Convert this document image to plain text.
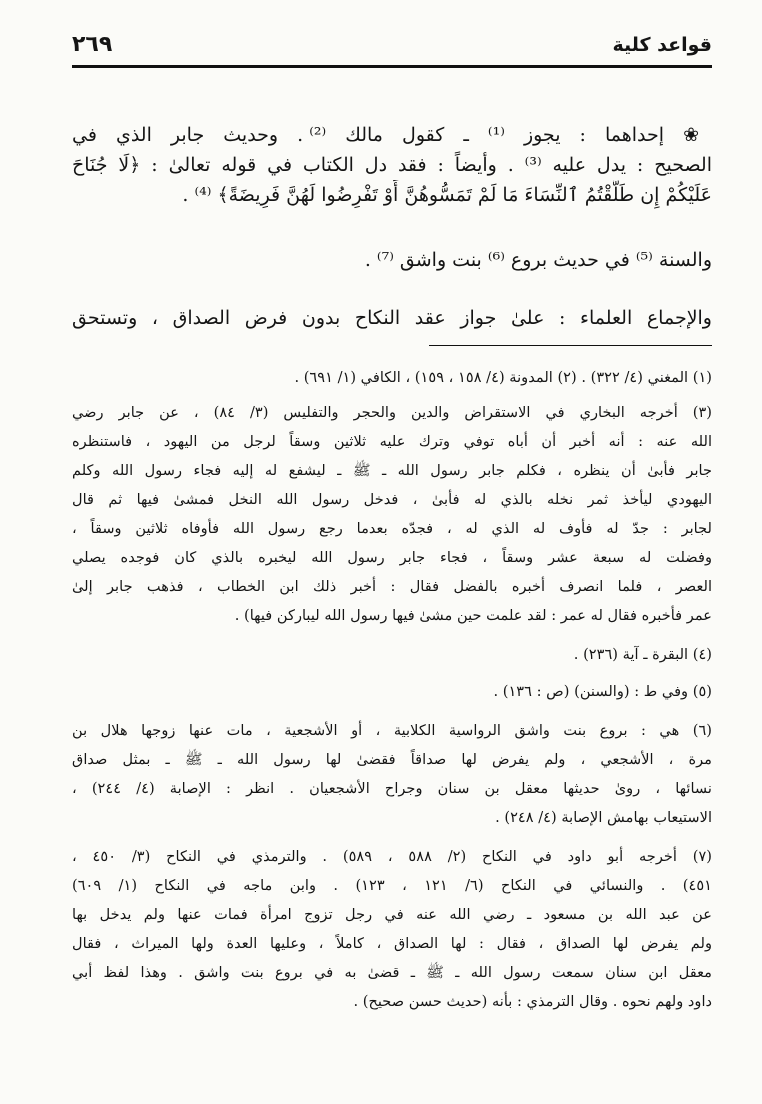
قواعد كلية
٢٦٩
❀ إحداهما : يجوز ⁽¹⁾ ـ كقول مالك ⁽²⁾ . وحديث جابر الذي في
الصحيح : يدل عليه ⁽³⁾ . وأيضاً : فقد دل الكتاب في قوله تعالىٰ : ﴿لَا جُنَاحَ
عَلَيْكُمْ إِن طَلَّقْتُمُ ٱلنِّسَاءَ مَا لَمْ تَمَسُّوهُنَّ أَوْ تَفْرِضُوا لَهُنَّ فَرِيضَةً﴾ ⁽⁴⁾ .
والسنة ⁽⁵⁾ في حديث بروع ⁽⁶⁾ بنت واشق ⁽⁷⁾ .
والإجماع العلماء : علىٰ جواز عقد النكاح بدون فرض الصداق ، وتستحق
(١) المغني (٤/ ٣٢٢) . (٢) المدونة (٤/ ١٥٨ ، ١٥٩) ، الكافي (١/ ٦٩١) .
(٣) أخرجه البخاري في الاستقراض والدين والحجر والتفليس (٣/ ٨٤) ، عن جابر رضي
الله عنه : أنه أخبر أن أباه توفي وترك عليه ثلاثين وسقاً لرجل من اليهود ، فاستنظره
جابر فأبىٰ أن ينظره ، فكلم جابر رسول الله ـ ﷺ ـ ليشفع له إليه فجاء رسول الله وكلم
اليهودي ليأخذ ثمر نخله بالذي له فأبىٰ ، فدخل رسول الله النخل فمشىٰ فيها ثم قال
لجابر : جدّ له فأوف له الذي له ، فجدّه بعدما رجع رسول الله فأوفاه ثلاثين وسقاً ،
وفضلت له سبعة عشر وسقاً ، فجاء جابر رسول الله ليخبره بالذي كان فوجده يصلي
العصر ، فلما انصرف أخبره بالفضل فقال : أخبر ذلك ابن الخطاب ، فذهب جابر إلىٰ
عمر فأخبره فقال له عمر : لقد علمت حين مشىٰ فيها رسول الله ليباركن فيها) .
(٤) البقرة ـ آية (٢٣٦) .
(٥) وفي ط : (والسنن) (ص : ١٣٦) .
(٦) هي : بروع بنت واشق الرواسية الكلابية ، أو الأشجعية ، مات عنها زوجها هلال بن
مرة ، الأشجعي ، ولم يفرض لها صداقاً فقضىٰ لها رسول الله ـ ﷺ ـ بمثل صداق
نسائها ، روىٰ حديثها معقل بن سنان وجراح الأشجعيان . انظر : الإصابة (٤/ ٢٤٤) ،
الاستيعاب بهامش الإصابة (٤/ ٢٤٨) .
(٧) أخرجه أبو داود في النكاح (٢/ ٥٨٨ ، ٥٨٩) . والترمذي في النكاح (٣/ ٤٥٠ ،
٤٥١) . والنسائي في النكاح (٦/ ١٢١ ، ١٢٣) . وابن ماجه في النكاح (١/ ٦٠٩)
عن عبد الله بن مسعود ـ رضي الله عنه في رجل تزوج امرأة فمات عنها ولم يدخل بها
ولم يفرض لها الصداق ، فقال : لها الصداق ، كاملاً ، وعليها العدة ولها الميراث ، فقال
معقل ابن سنان سمعت رسول الله ـ ﷺ ـ قضىٰ به في بروع بنت واشق . وهذا لفظ أبي
داود ولهم نحوه . وقال الترمذي : بأنه (حديث حسن صحيح) .
